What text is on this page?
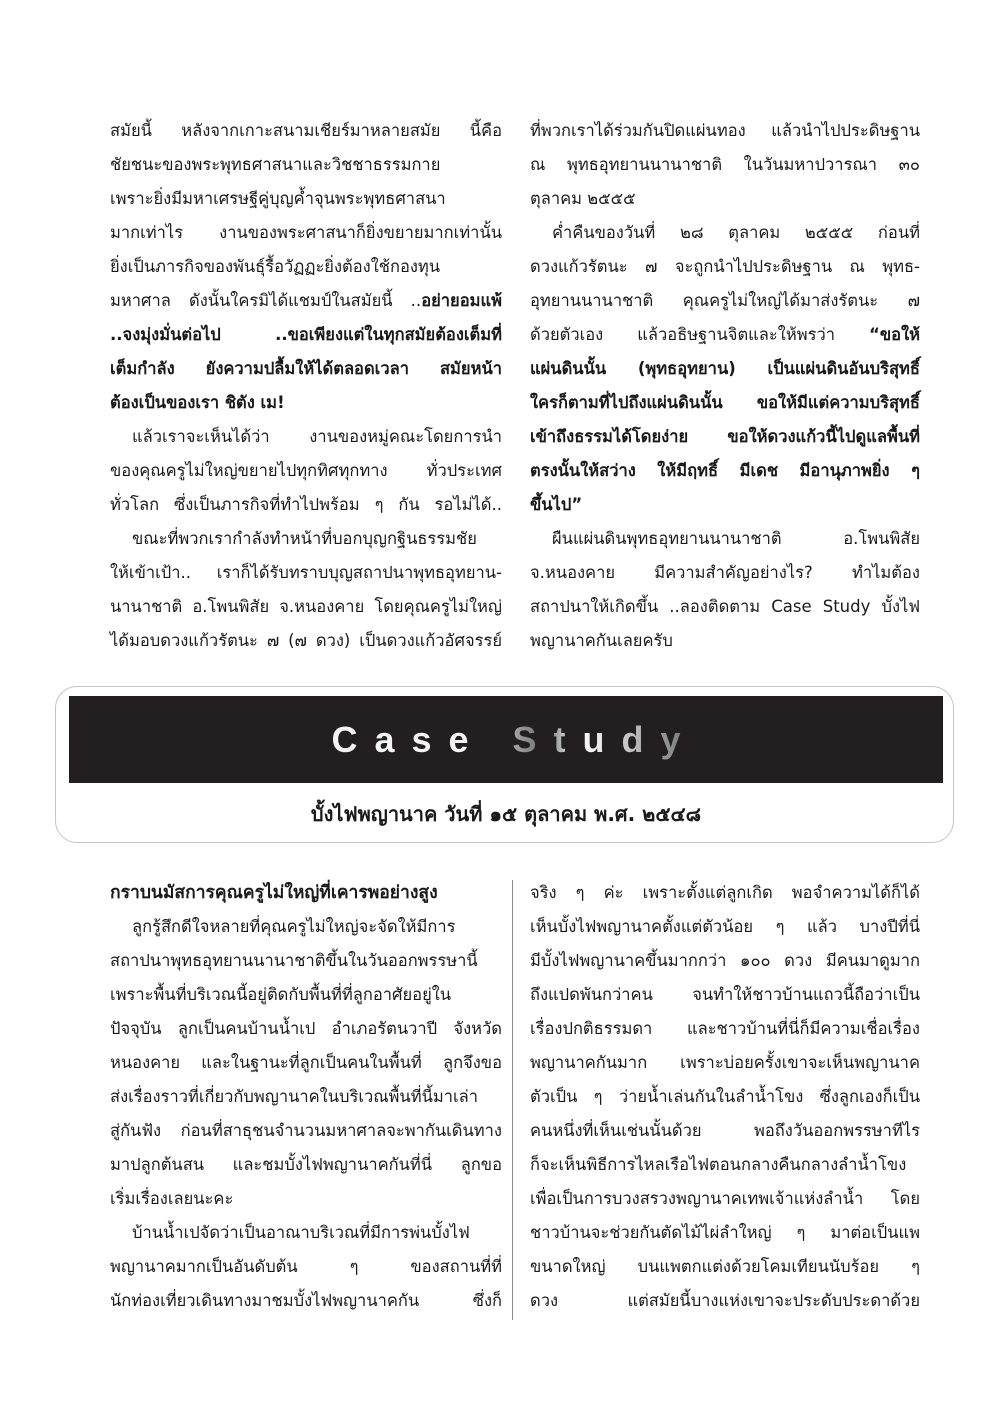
สมัยนี้ หลังจากเกาะสนามเชียร์มาหลายสมัย นี้คือ
ชัยชนะของพระพุทธศาสนาและวิชชาธรรมกาย
เพราะยิ่งมีมหาเศรษฐีคู่บุญค้ำจุนพระพุทธศาสนา
มากเท่าไร งานของพระศาสนาก็ยิ่งขยายมากเท่านั้น
ยิ่งเป็นภารกิจของพันธุ์รื้อวัฏฏะยิ่งต้องใช้กองทุน
มหาศาล ดังนั้นใครมิได้แชมป์ในสมัยนี้ ..อย่ายอมแพ้
..จงมุ่งมั่นต่อไป ..ขอเพียงแต่ในทุกสมัยต้องเต็มที่
เต็มกำลัง ยังความปลื้มให้ได้ตลอดเวลา สมัยหน้า
ต้องเป็นของเรา ชิตัง เม!
แล้วเราจะเห็นได้ว่า งานของหมู่คณะโดยการนำ
ของคุณครูไม่ใหญ่ขยายไปทุกทิศทุกทาง ทั่วประเทศ
ทั่วโลก ซึ่งเป็นภารกิจที่ทำไปพร้อม ๆ กัน รอไม่ได้..
ขณะที่พวกเรากำลังทำหน้าที่บอกบุญกฐินธรรมชัย
ให้เข้าเป้า.. เราก็ได้รับทราบบุญสถาปนาพุทธอุทยาน-
นานาชาติ อ.โพนพิสัย จ.หนองคาย โดยคุณครูไม่ใหญ่
ได้มอบดวงแก้วรัตนะ ๗ (๗ ดวง) เป็นดวงแก้วอัศจรรย์
ที่พวกเราได้ร่วมกันปิดแผ่นทอง แล้วนำไปประดิษฐาน
ณ พุทธอุทยานนานาชาติ ในวันมหาปวารณา ๓๐
ตุลาคม ๒๕๕๕
ค่ำคืนของวันที่ ๒๘ ตุลาคม ๒๕๕๕ ก่อนที่
ดวงแก้วรัตนะ ๗ จะถูกนำไปประดิษฐาน ณ พุทธ-
อุทยานนานาชาติ คุณครูไม่ใหญ่ได้มาส่งรัตนะ ๗
ด้วยตัวเอง แล้วอธิษฐานจิตและให้พรว่า “ขอให้
แผ่นดินนั้น (พุทธอุทยาน) เป็นแผ่นดินอันบริสุทธิ์
ใครก็ตามที่ไปถึงแผ่นดินนั้น ขอให้มีแต่ความบริสุทธิ์
เข้าถึงธรรมได้โดยง่าย ขอให้ดวงแก้วนี้ไปดูแลพื้นที่
ตรงนั้นให้สว่าง ให้มีฤทธิ์ มีเดช มีอานุภาพยิ่ง ๆ
ขึ้นไป”
ผืนแผ่นดินพุทธอุทยานนานาชาติ อ.โพนพิสัย
จ.หนองคาย มีความสำคัญอย่างไร? ทำไมต้อง
สถาปนาให้เกิดขึ้น ..ลองติดตาม Case Study บั้งไฟ
พญานาคกันเลยครับ
Case Study
บั้งไฟพญานาค วันที่ ๑๕ ตุลาคม พ.ศ. ๒๕๔๘
กราบนมัสการคุณครูไม่ใหญ่ที่เคารพอย่างสูง
ลูกรู้สึกดีใจหลายที่คุณครูไม่ใหญ่จะจัดให้มีการ
สถาปนาพุทธอุทยานนานาชาติขึ้นในวันออกพรรษานี้
เพราะพื้นที่บริเวณนี้อยู่ติดกับพื้นที่ที่ลูกอาศัยอยู่ใน
ปัจจุบัน ลูกเป็นคนบ้านน้ำเป อำเภอรัตนวาปี จังหวัด
หนองคาย และในฐานะที่ลูกเป็นคนในพื้นที่ ลูกจึงขอ
ส่งเรื่องราวที่เกี่ยวกับพญานาคในบริเวณพื้นที่นี้มาเล่า
สู่กันฟัง ก่อนที่สาธุชนจำนวนมหาศาลจะพากันเดินทาง
มาปลูกต้นสน และชมบั้งไฟพญานาคกันที่นี่ ลูกขอ
เริ่มเรื่องเลยนะคะ
บ้านน้ำเปจัดว่าเป็นอาณาบริเวณที่มีการพ่นบั้งไฟ
พญานาคมากเป็นอันดับต้น ๆ ของสถานที่ที่
นักท่องเที่ยวเดินทางมาชมบั้งไฟพญานาคกัน ซึ่งก็
จริง ๆ ค่ะ เพราะตั้งแต่ลูกเกิด พอจำความได้ก็ได้
เห็นบั้งไฟพญานาคตั้งแต่ตัวน้อย ๆ แล้ว บางปีที่นี่
มีบั้งไฟพญานาคขึ้นมากกว่า ๑๐๐ ดวง มีคนมาดูมาก
ถึงแปดพันกว่าคน จนทำให้ชาวบ้านแถวนี้ถือว่าเป็น
เรื่องปกติธรรมดา และชาวบ้านที่นี่ก็มีความเชื่อเรื่อง
พญานาคกันมาก เพราะบ่อยครั้งเขาจะเห็นพญานาค
ตัวเป็น ๆ ว่ายน้ำเล่นกันในลำน้ำโขง ซึ่งลูกเองก็เป็น
คนหนึ่งที่เห็นเช่นนั้นด้วย พอถึงวันออกพรรษาทีไร
ก็จะเห็นพิธีการไหลเรือไฟตอนกลางคืนกลางลำน้ำโขง
เพื่อเป็นการบวงสรวงพญานาคเทพเจ้าแห่งลำน้ำ โดย
ชาวบ้านจะช่วยกันตัดไม้ไผ่ลำใหญ่ ๆ มาต่อเป็นแพ
ขนาดใหญ่ บนแพตกแต่งด้วยโคมเทียนนับร้อย ๆ
ดวง แต่สมัยนี้บางแห่งเขาจะประดับประดาด้วย
